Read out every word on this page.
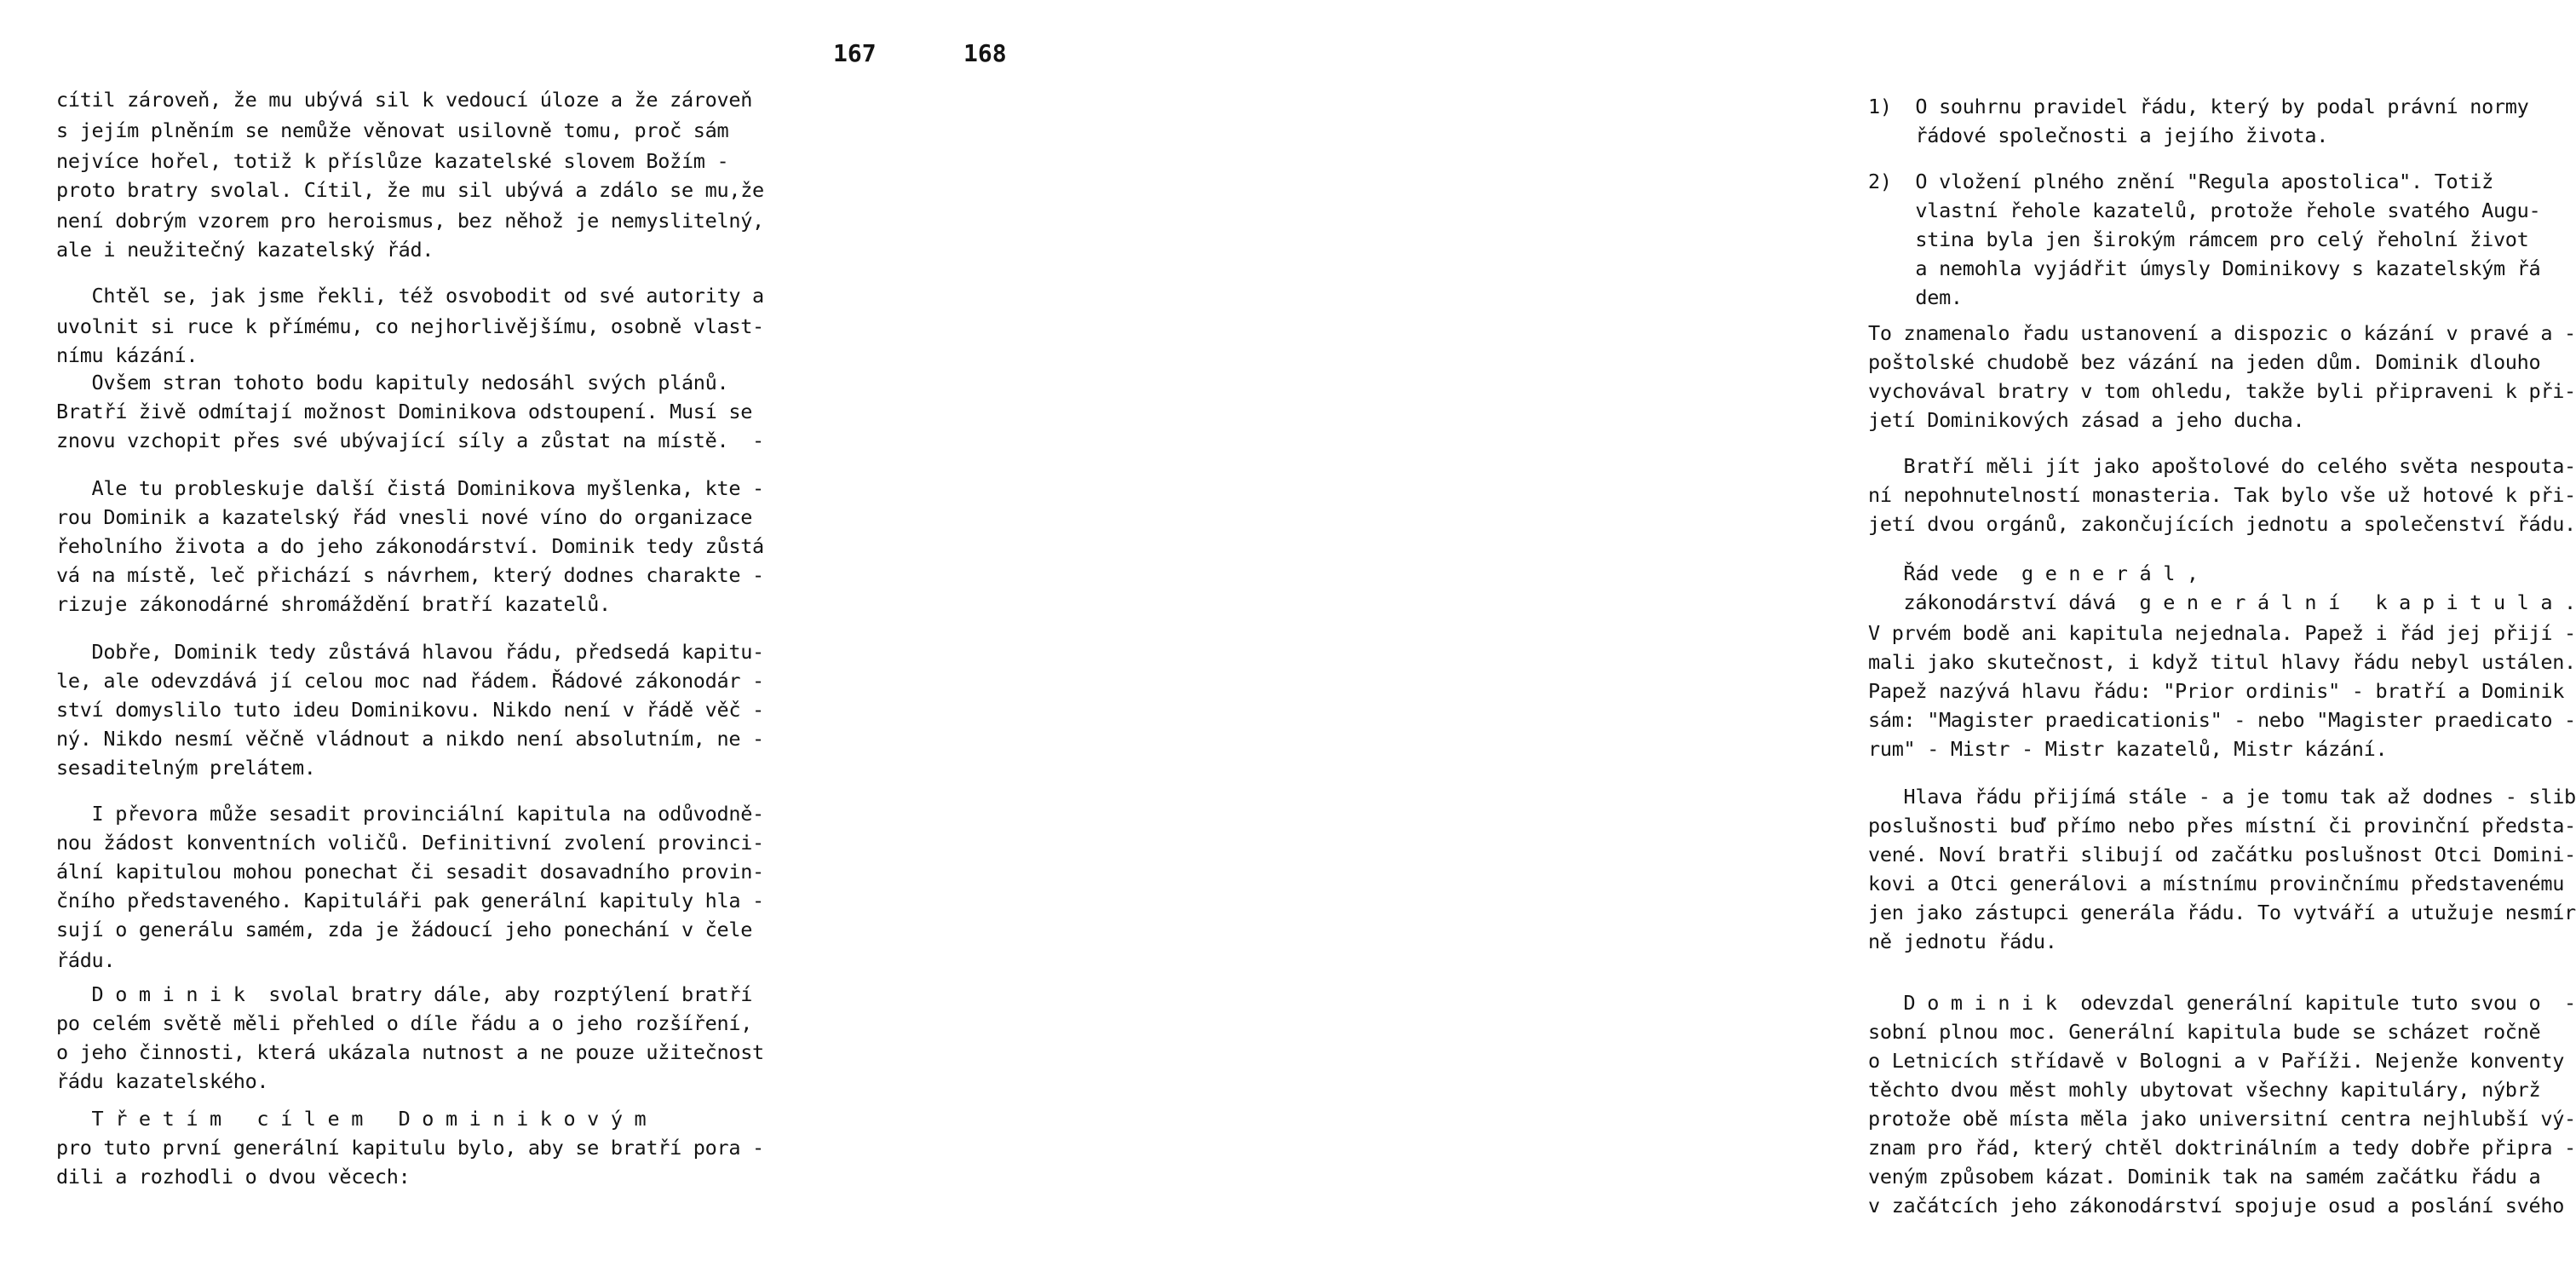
167
cítil zároveň, že mu ubývá sil k vedoucí úloze a že zároveň
s jejím plněním se nemůže věnovat usilovně tomu, proč sám
nejvíce hořel, totiž k příslůze kazatelské slovem Božím -
proto bratry svolal. Cítil, že mu sil ubývá a zdálo se mu,že
není dobrým vzorem pro heroismus, bez něhož je nemyslitelný,
ale i neužitečný kazatelský řád.
Chtěl se, jak jsme řekli, též osvobodit od své autority a
uvolnit si ruce k přímému, co nejhorlivějšímu, osobně vlast-
nímu kázání.
Ovšem stran tohoto bodu kapituly nedosáhl svých plánů.
Bratří živě odmítají možnost Dominikova odstoupení. Musí se
znovu vzchopit přes své ubývající síly a zůstat na místě.  -
Ale tu probleskuje další čistá Dominikova myšlenka, kte -
rou Dominik a kazatelský řád vnesli nové víno do organizace
řeholního života a do jeho zákonodárství. Dominik tedy zůstá
vá na místě, leč přichází s návrhem, který dodnes charakte -
rizuje zákonodárné shromáždění bratří kazatelů.
Dobře, Dominik tedy zůstává hlavou řádu, předsedá kapitu-
le, ale odevzdává jí celou moc nad řádem. Řádové zákonodár -
ství domyslilo tuto ideu Dominikovu. Nikdo není v řádě věč -
ný. Nikdo nesmí věčně vládnout a nikdo není absolutním, ne -
sesaditelným prelátem.
I převora může sesadit provinciální kapitula na odůvodně-
nou žádost konventních voličů. Definitivní zvolení provinci-
ální kapitulou mohou ponechat či sesadit dosavadního provin-
čního představeného. Kapituláři pak generální kapituly hla -
sují o generálu samém, zda je žádoucí jeho ponechání v čele
řádu.
D o m i n i k  svolal bratry dále, aby rozptýlení bratří
po celém světě měli přehled o díle řádu a o jeho rozšíření,
o jeho činnosti, která ukázala nutnost a ne pouze užitečnost
řádu kazatelského.
T ř e t í m   c í l e m   D o m i n i k o v ý m
pro tuto první generální kapitulu bylo, aby se bratří pora -
dili a rozhodli o dvou věcech:
168
1)  O souhrnu pravidel řádu, který by podal právní normy
řádové společnosti a jejího života.
2)  O vložení plného znění "Regula apostolica". Totiž
vlastní řehole kazatelů, protože řehole svatého Augu-
stina byla jen širokým rámcem pro celý řeholní život
a nemohla vyjádřit úmysly Dominikovy s kazatelským řá
dem.
To znamenalo řadu ustanovení a dispozic o kázání v pravé a -
poštolské chudobě bez vázání na jeden dům. Dominik dlouho
vychovával bratry v tom ohledu, takže byli připraveni k při-
jetí Dominikových zásad a jeho ducha.
Bratří měli jít jako apoštolové do celého světa nespouta-
ní nepohnutelností monasteria. Tak bylo vše už hotové k při-
jetí dvou orgánů, zakončujících jednotu a společenství řádu.
Řád vede  g e n e r á l ,
zákonodárství dává  g e n e r á l n í   k a p i t u l a .
V prvém bodě ani kapitula nejednala. Papež i řád jej přijí -
mali jako skutečnost, i když titul hlavy řádu nebyl ustálen.
Papež nazývá hlavu řádu: "Prior ordinis" - bratří a Dominik
sám: "Magister praedicationis" - nebo "Magister praedicato -
rum" - Mistr - Mistr kazatelů, Mistr kázání.
Hlava řádu přijímá stále - a je tomu tak až dodnes - slib
poslušnosti buď přímo nebo přes místní či provinční předsta-
vené. Noví bratři slibují od začátku poslušnost Otci Domini-
kovi a Otci generálovi a místnímu provinčnímu představenému
jen jako zástupci generála řádu. To vytváří a utužuje nesmír
ně jednotu řádu.
D o m i n i k  odevzdal generální kapitule tuto svou o  -
sobní plnou moc. Generální kapitula bude se scházet ročně
o Letnicích střídavě v Bologni a v Paříži. Nejenže konventy
těchto dvou měst mohly ubytovat všechny kapituláry, nýbrž
protože obě místa měla jako universitní centra nejhlubší vý-
znam pro řád, který chtěl doktrinálním a tedy dobře připra -
veným způsobem kázat. Dominik tak na samém začátku řádu a
v začátcích jeho zákonodárství spojuje osud a poslání svého
